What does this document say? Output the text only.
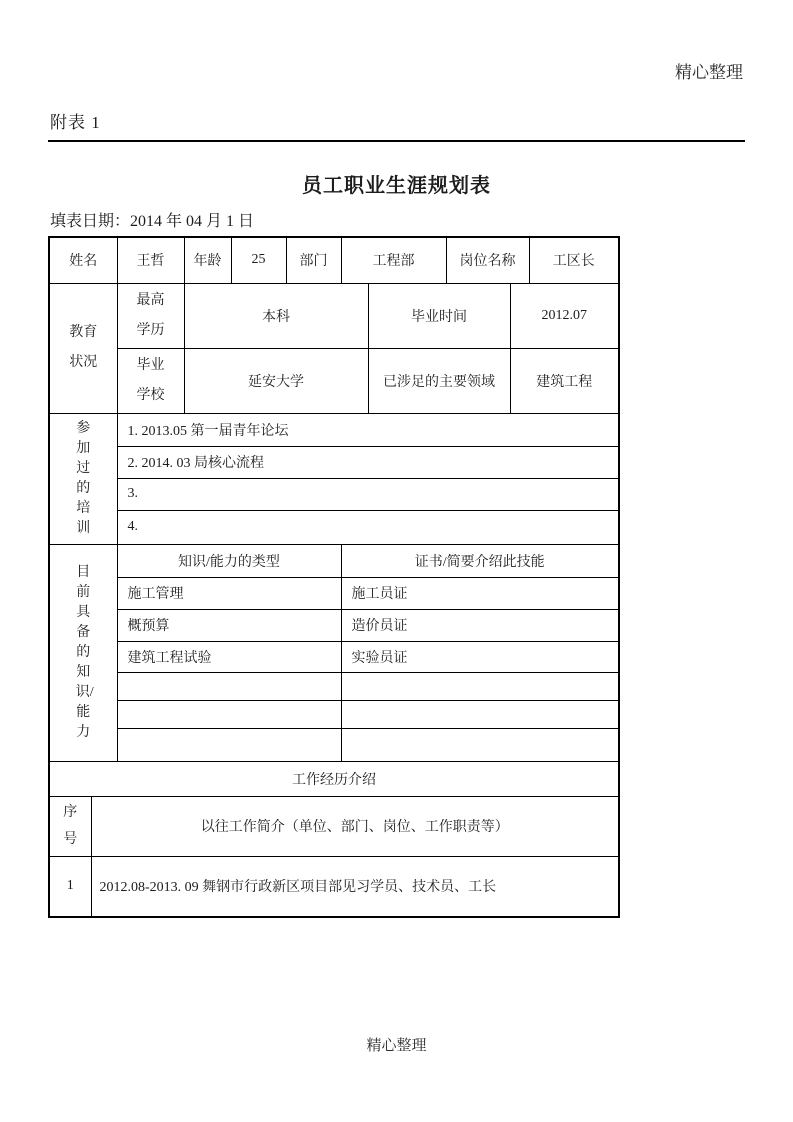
精心整理
附表 1
员工职业生涯规划表
填表日期：2014 年 04 月 1 日
姓名		王哲	年龄	25	部门	工程部		岗位名称		工区长
教育状况		最高学历	本科				毕业时间		2012.07	
		毕业学校	延安大学				已涉足的主要领域		建筑工程	
参加过的培训		1. 2013.05 第一届青年论坛								
		2. 2014. 03 局核心流程								
		3.								
		4.								
目前具备的知识/能力		知识/能力的类型				证书/简要介绍此技能				
		施工管理				施工员证				
		概预算				造价员证				
		建筑工程试验				实验员证				

工作经历介绍										
序号	以往工作简介（单位、部门、岗位、工作职责等）									
1	2012.08-2013. 09 舞钢市行政新区项目部见习学员、技术员、工长									
精心整理
